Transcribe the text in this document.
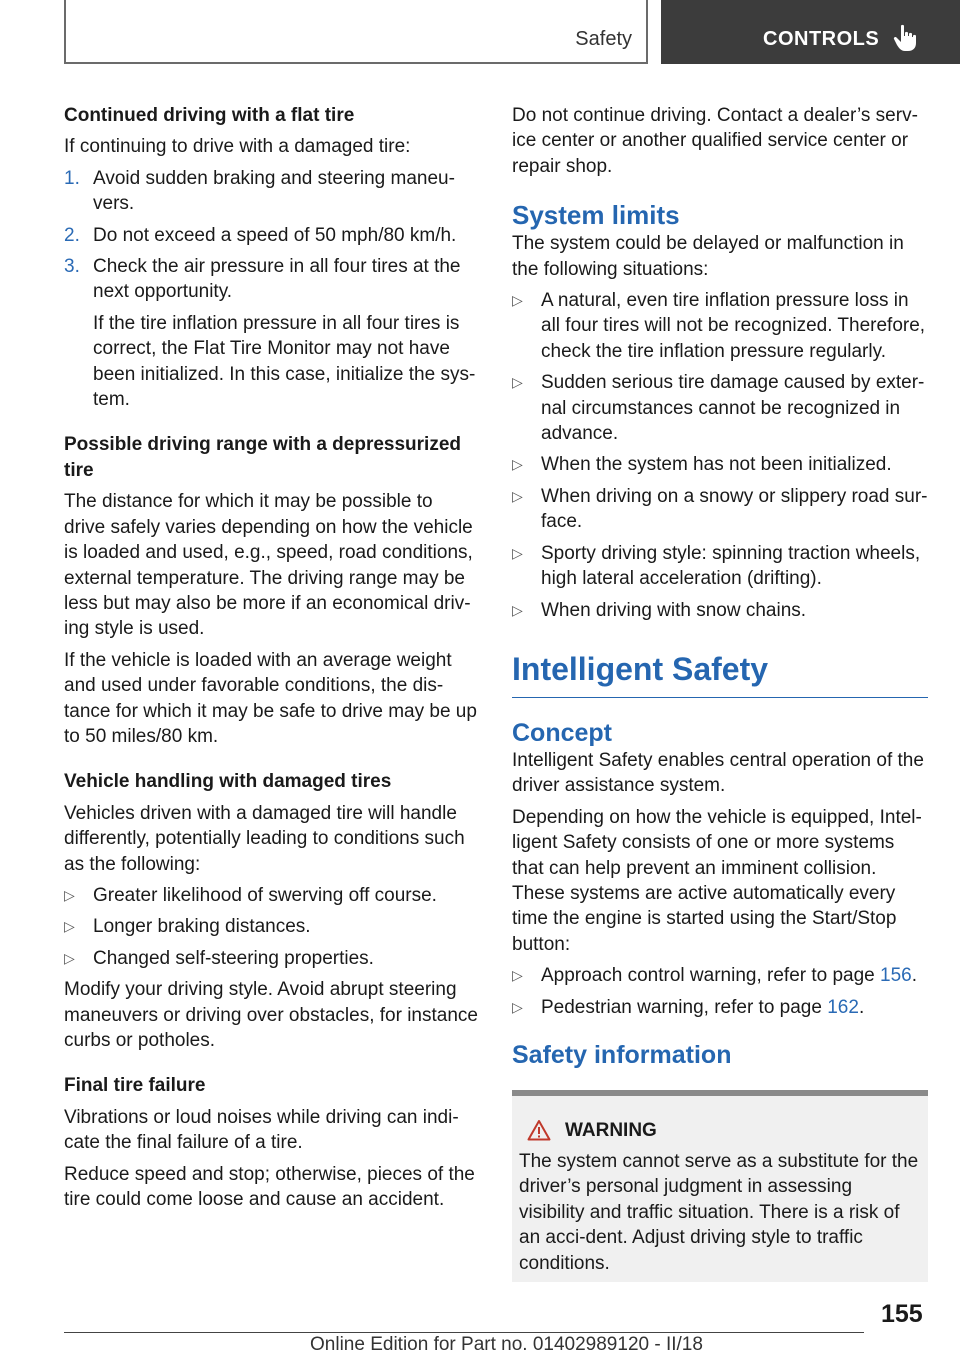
Safety	CONTROLS
Continued driving with a flat tire

If continuing to drive with a damaged tire:

1. Avoid sudden braking and steering maneu-vers.
2. Do not exceed a speed of 50 mph/80 km/h.
3. Check the air pressure in all four tires at the next opportunity.
If the tire inflation pressure in all four tires is correct, the Flat Tire Monitor may not have been initialized. In this case, initialize the sys-tem.
Possible driving range with a depressurized tire

The distance for which it may be possible to drive safely varies depending on how the vehicle is loaded and used, e.g., speed, road conditions, external temperature. The driving range may be less but may also be more if an economical driv-ing style is used.

If the vehicle is loaded with an average weight and used under favorable conditions, the dis-tance for which it may be safe to drive may be up to 50 miles/80 km.

Vehicle handling with damaged tires

Vehicles driven with a damaged tire will handle differently, potentially leading to conditions such as the following:

▷ Greater likelihood of swerving off course.
▷ Longer braking distances.
▷ Changed self-steering properties.

Modify your driving style. Avoid abrupt steering maneuvers or driving over obstacles, for instance curbs or potholes.

Final tire failure

Vibrations or loud noises while driving can indi-cate the final failure of a tire.

Reduce speed and stop; otherwise, pieces of the tire could come loose and cause an accident.

Do not continue driving. Contact a dealer’s serv-ice center or another qualified service center or repair shop.

System limits

The system could be delayed or malfunction in the following situations:

▷ A natural, even tire inflation pressure loss in all four tires will not be recognized. Therefore, check the tire inflation pressure regularly.
▷ Sudden serious tire damage caused by exter-nal circumstances cannot be recognized in advance.
▷ When the system has not been initialized.
▷ When driving on a snowy or slippery road sur-face.
▷ Sporty driving style: spinning traction wheels, high lateral acceleration (drifting).
▷ When driving with snow chains.
Intelligent Safety
Concept

Intelligent Safety enables central operation of the driver assistance system.

Depending on how the vehicle is equipped, Intel-ligent Safety consists of one or more systems that can help prevent an imminent collision. These systems are active automatically every time the engine is started using the Start/Stop button:

▷ Approach control warning, refer to page 156.
▷ Pedestrian warning, refer to page 162.
Safety information
WARNING

The system cannot serve as a substitute for the driver’s personal judgment in assessing visibility and traffic situation. There is a risk of an acci-dent. Adjust driving style to traffic conditions.

155
Online Edition for Part no. 01402989120 - II/18
